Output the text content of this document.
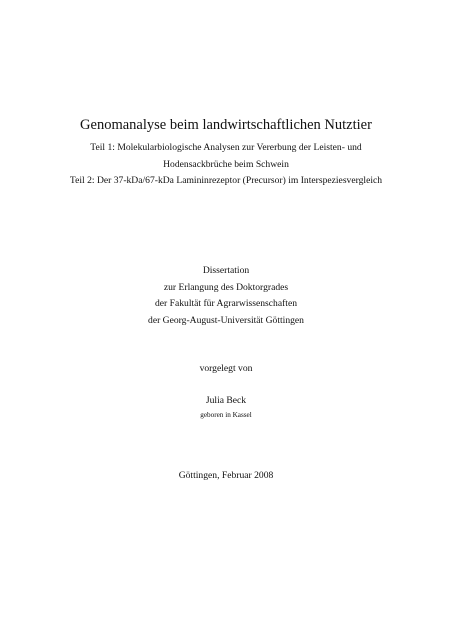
Genomanalyse beim landwirtschaftlichen Nutztier
Teil 1: Molekularbiologische Analysen zur Vererbung der Leisten- und
Hodensackbrüche beim Schwein
Teil 2: Der 37-kDa/67-kDa Lamininrezeptor (Precursor) im Interspeziesvergleich
Dissertation
zur Erlangung des Doktorgrades
der Fakultät für Agrarwissenschaften
der Georg-August-Universität Göttingen
vorgelegt von
Julia Beck
geboren in Kassel
Göttingen, Februar 2008
